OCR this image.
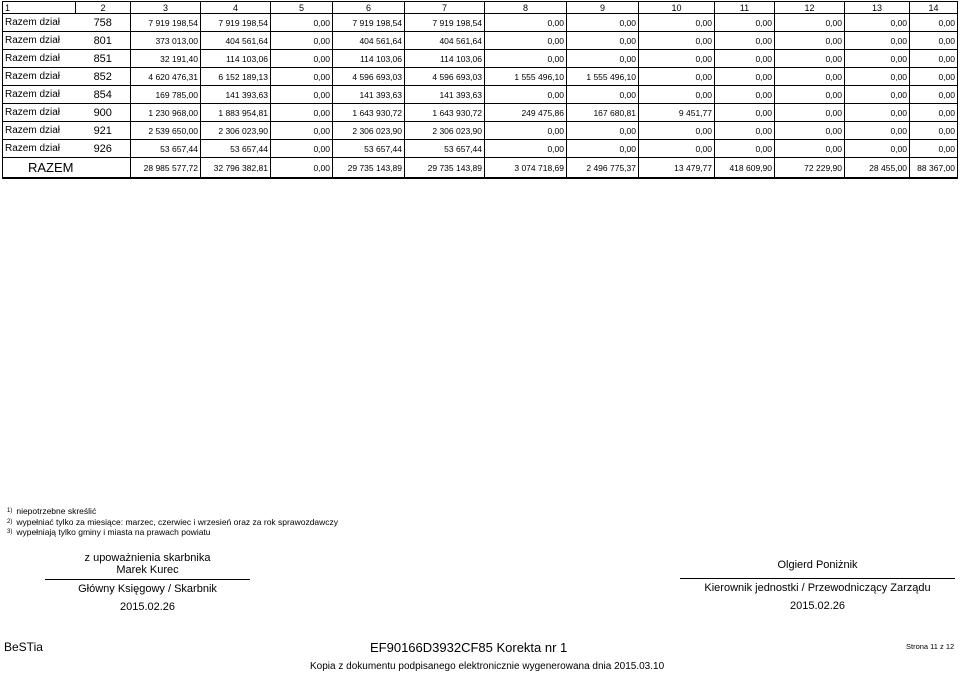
1	2	3	4	5	6	7	8	9	10	11	12	13	14
Razem dział	758	7 919 198,54	7 919 198,54	0,00	7 919 198,54	7 919 198,54	0,00	0,00	0,00	0,00	0,00	0,00	0,00
Razem dział	801	373 013,00	404 561,64	0,00	404 561,64	404 561,64	0,00	0,00	0,00	0,00	0,00	0,00	0,00
Razem dział	851	32 191,40	114 103,06	0,00	114 103,06	114 103,06	0,00	0,00	0,00	0,00	0,00	0,00	0,00
Razem dział	852	4 620 476,31	6 152 189,13	0,00	4 596 693,03	4 596 693,03	1 555 496,10	1 555 496,10	0,00	0,00	0,00	0,00	0,00
Razem dział	854	169 785,00	141 393,63	0,00	141 393,63	141 393,63	0,00	0,00	0,00	0,00	0,00	0,00	0,00
Razem dział	900	1 230 968,00	1 883 954,81	0,00	1 643 930,72	1 643 930,72	249 475,86	167 680,81	9 451,77	0,00	0,00	0,00	0,00
Razem dział	921	2 539 650,00	2 306 023,90	0,00	2 306 023,90	2 306 023,90	0,00	0,00	0,00	0,00	0,00	0,00	0,00
Razem dział	926	53 657,44	53 657,44	0,00	53 657,44	53 657,44	0,00	0,00	0,00	0,00	0,00	0,00	0,00
RAZEM		28 985 577,72	32 796 382,81	0,00	29 735 143,89	29 735 143,89	3 074 718,69	2 496 775,37	13 479,77	418 609,90	72 229,90	28 455,00	88 367,00
$^{1)}$ niepotrzebne skreślić
$^{2)}$ wypełniać tylko za miesiące: marzec, czerwiec i wrzesień oraz za rok sprawozdawczy
$^{3)}$ wypełniają tylko gminy i miasta na prawach powiatu
z upoważnienia skarbnika
Marek Kurec
Główny Księgowy / Skarbnik
2015.02.26
Olgierd Poniżnik
Kierownik jednostki / Przewodniczący Zarządu
2015.02.26
BeSTia	EF90166D3932CF85 Korekta nr 1	Strona 11 z 12
Kopia z dokumentu podpisanego elektronicznie wygenerowana dnia 2015.03.10
